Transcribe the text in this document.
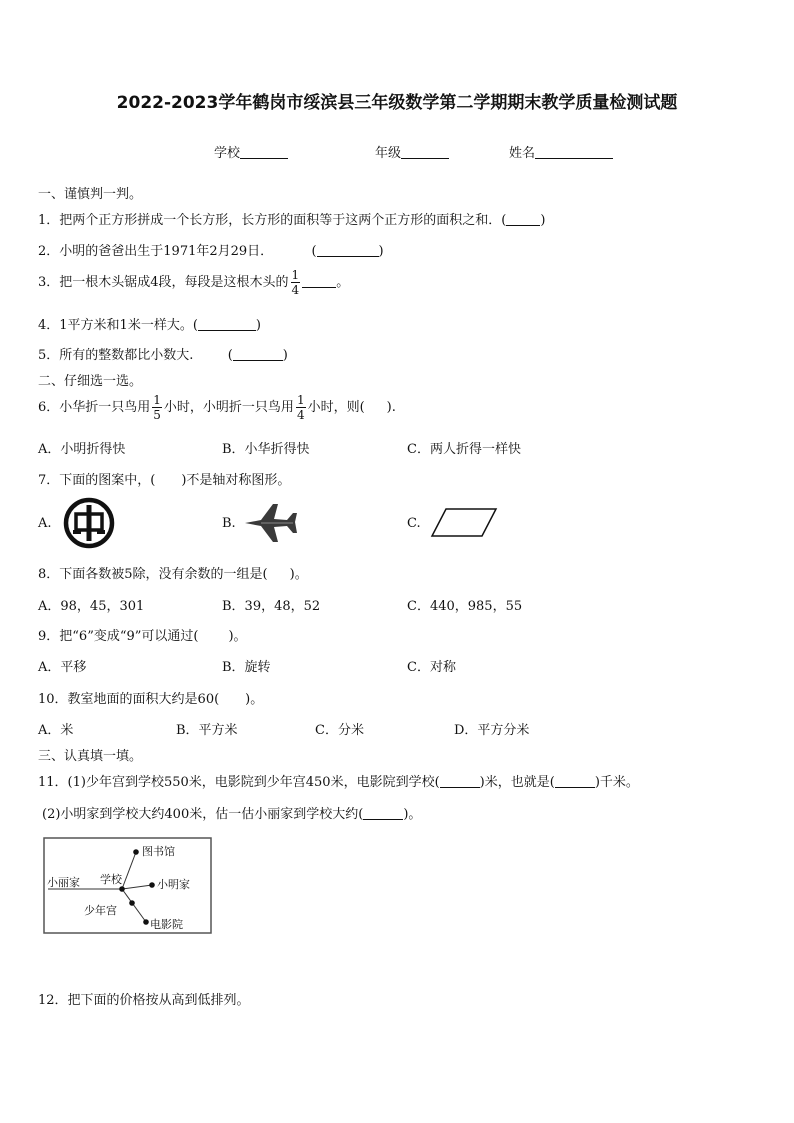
2022-2023学年鹤岗市绥滨县三年级数学第二学期期末教学质量检测试题
学校	年级	姓名
一、谨慎判一判。
1．把两个正方形拼成一个长方形，长方形的面积等于这两个正方形的面积之和．(	)
2．小明的爸爸出生于1971年2月29日．	(	)
3．把一根木头锯成4段，每段是这根木头的 $\frac{1}{4}$	。
4．1平方米和1米一样大。(	)
5．所有的整数都比小数大.	(	)
二、仔细选一选。
6．小华折一只鸟用 $\frac{1}{5}$ 小时，小明折一只鸟用 $\frac{1}{4}$ 小时，则( ).
A．小明折得快	B．小华折得快	C．两人折得一样快
7．下面的图案中，( )不是轴对称图形。
A.	B.	C.
8．下面各数被5除，没有余数的一组是( )。
A．98，45，301	B．39，48，52	C．440，985，55
9．把“6”变成“9”可以通过( )。
A．平移	B．旋转	C．对称
10．教室地面的面积大约是60( )。
A．米	B．平方米	C．分米	D．平方分米
三、认真填一填。
11．(1)少年宫到学校550米，电影院到少年宫450米，电影院到学校(	)米，也就是(	)千米。
(2)小明家到学校大约400米，估一估小丽家到学校大约(	)。
小丽家 学校
图书馆
小明家
少年宫
电影院
12．把下面的价格按从高到低排列。
